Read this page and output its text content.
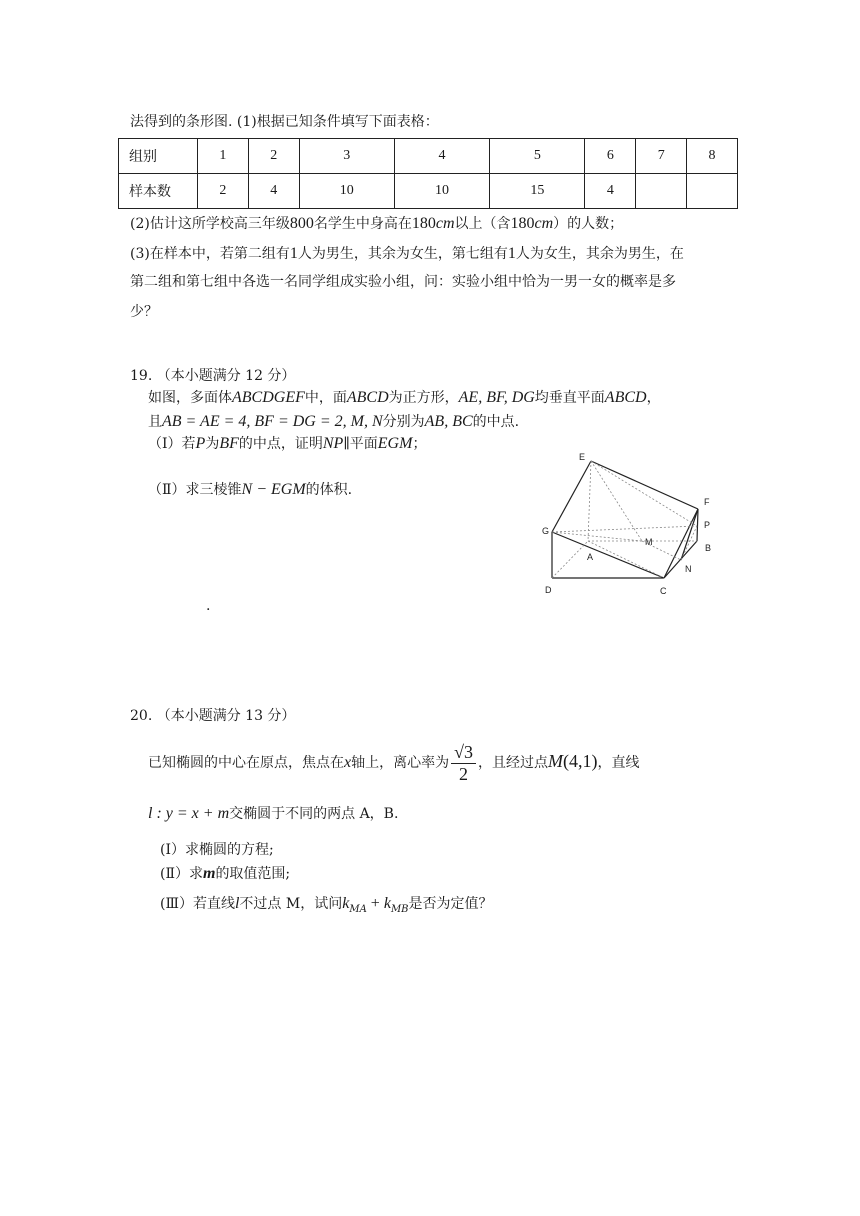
法得到的条形图. (1)根据已知条件填写下面表格：
组别	1	2	3	4	5	6	7	8
样本数	2	4	10	10	15	4		
(2)估计这所学校高三年级800名学生中身高在180cm以上（含180cm）的人数；
(3)在样本中，若第二组有1人为男生，其余为女生，第七组有1人为女生，其余为男生，在
第二组和第七组中各选一名同学组成实验小组，问：实验小组中恰为一男一女的概率是多
少？
19. （本小题满分 12 分）
如图，多面体ABCDGEF中，面ABCD为正方形，AE, BF, DG均垂直平面ABCD，
且AB = AE = 4, BF = DG = 2, M, N分别为AB, BC的中点.
（Ⅰ）若P为BF的中点，证明NP∥平面EGM；
（Ⅱ）求三棱锥N − EGM的体积.
.
E
F
P
B
N
C
D
G
A
M
20. （本小题满分 13 分）
已知椭圆的中心在原点，焦点在x轴上，离心率为 $\frac{√3}{2}$ ，且经过点M(4,1)，直线
l : y = x + m交椭圆于不同的两点 A，B.
(Ⅰ）求椭圆的方程;
(Ⅱ）求m的取值范围;
(Ⅲ）若直线l不过点 M，试问$k_{MA} + k_{MB}$是否为定值？
